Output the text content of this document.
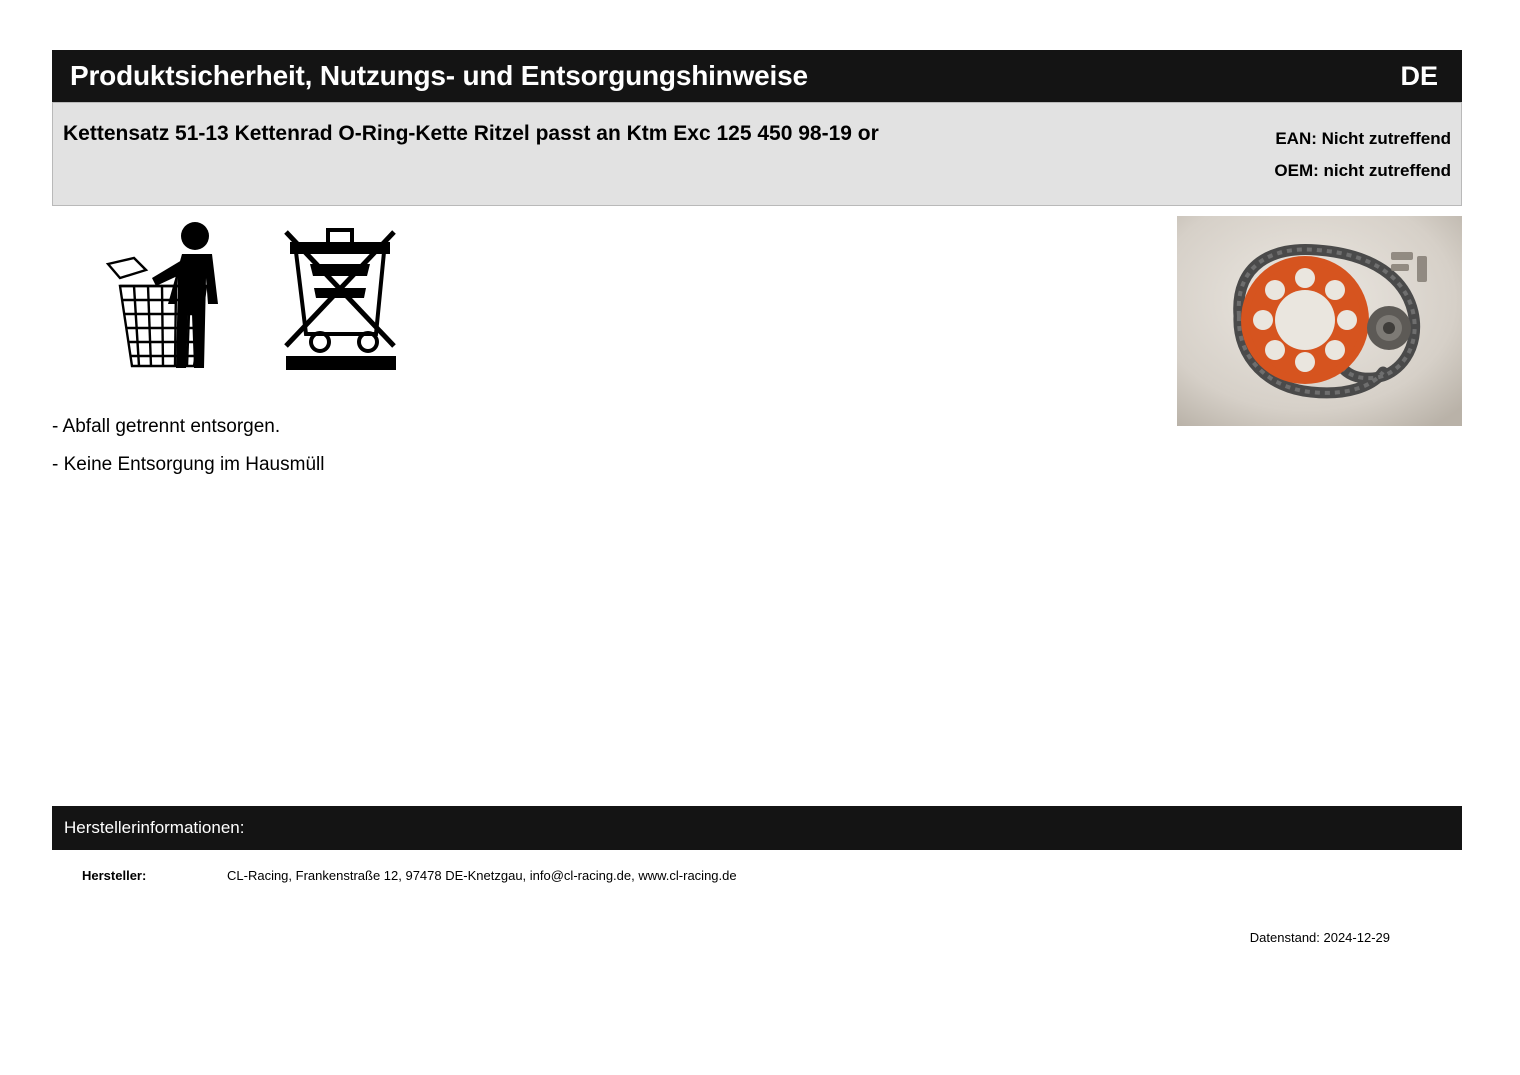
Produktsicherheit, Nutzungs- und Entsorgungshinweise	DE
Kettensatz 51-13 Kettenrad O-Ring-Kette Ritzel passt an Ktm Exc 125 450 98-19 or	EAN: Nicht zutreffend
OEM: nicht zutreffend
- Abfall getrennt entsorgen.
- Keine Entsorgung im Hausmüll
Herstellerinformationen:
Hersteller:	CL-Racing, Frankenstraße 12, 97478 DE-Knetzgau, info@cl-racing.de, www.cl-racing.de
Datenstand: 2024-12-29
